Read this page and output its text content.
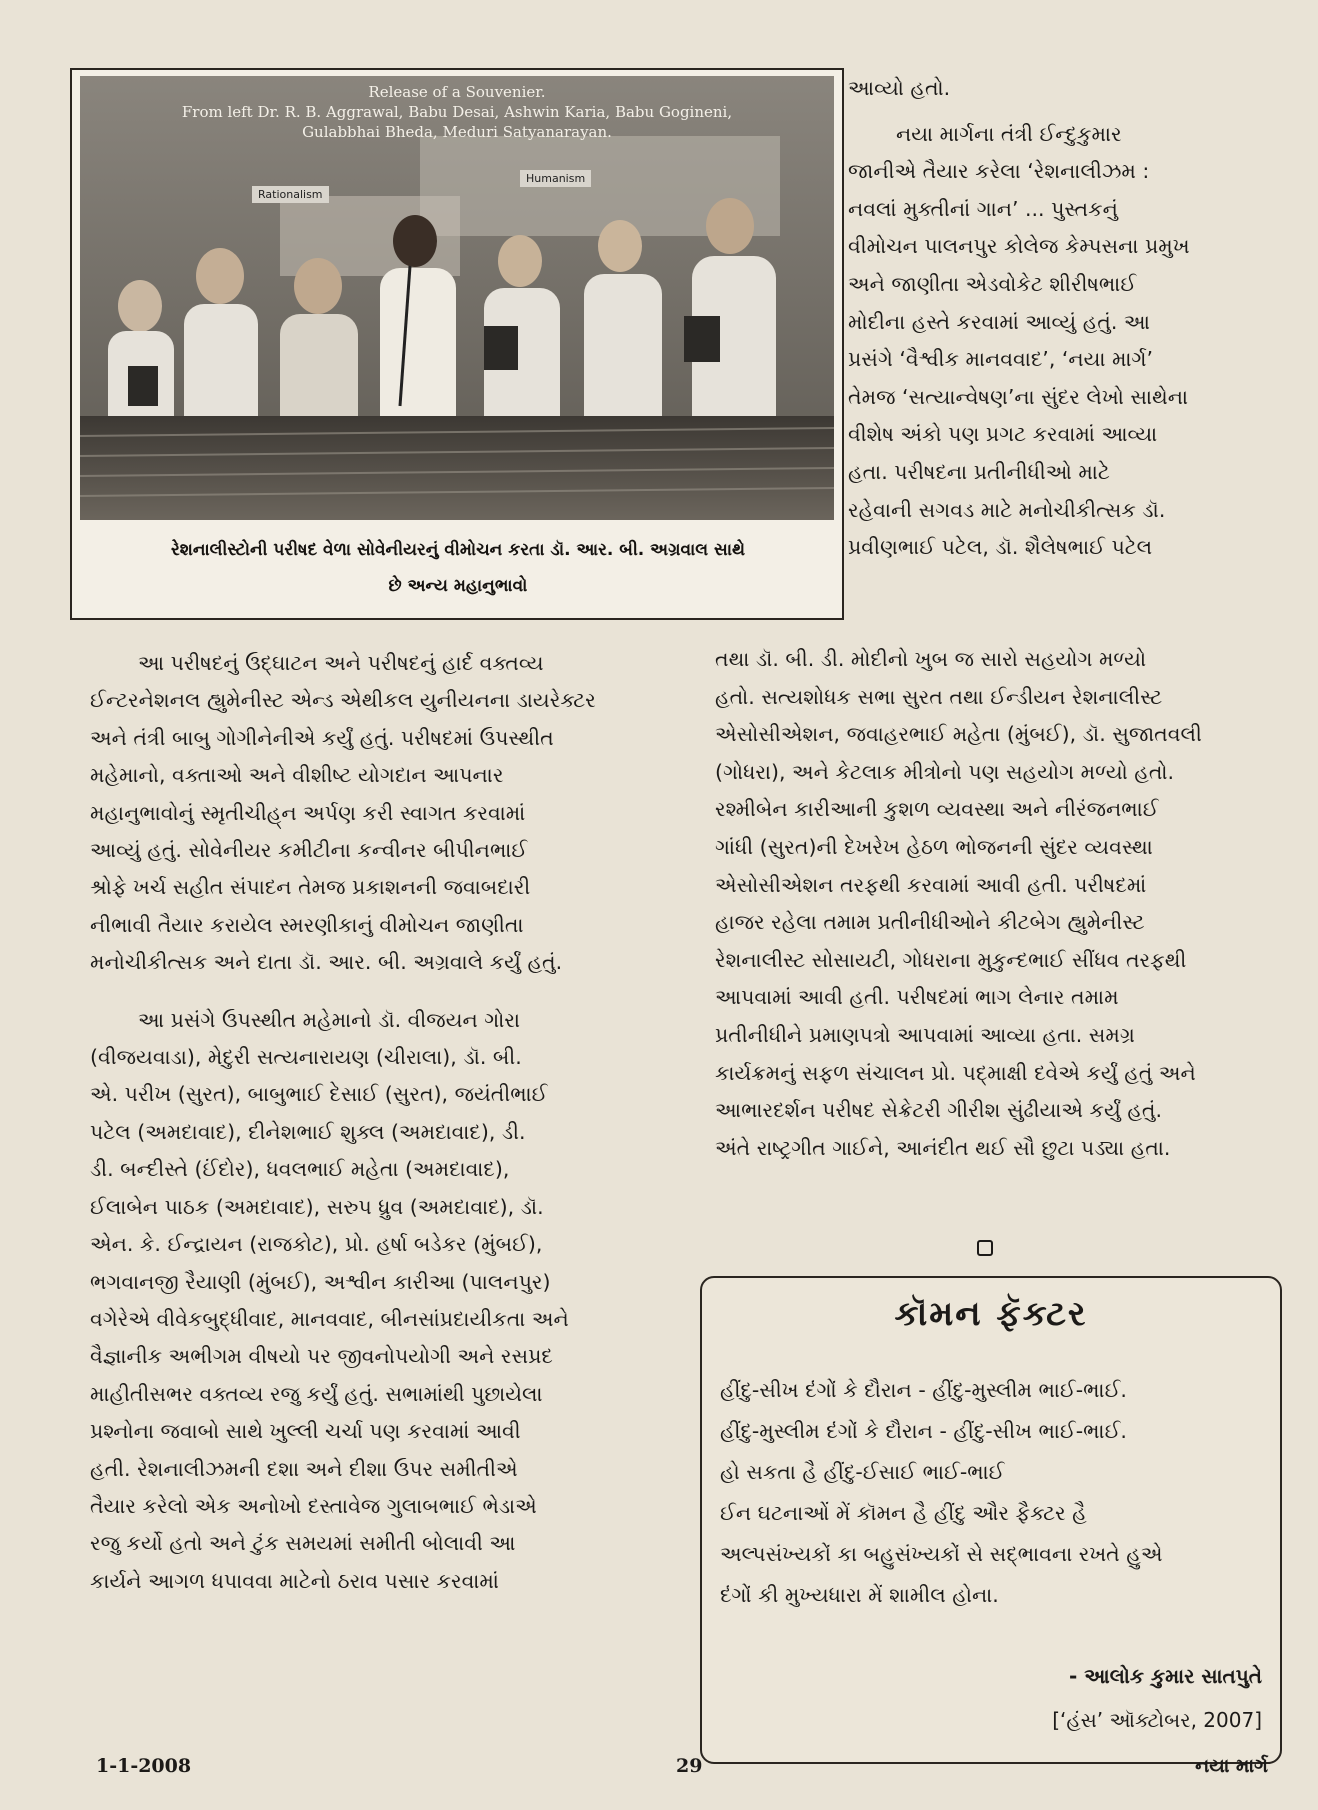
Rationalism
Humanism
Release of a Souvenier.
From left Dr. R. B. Aggrawal, Babu Desai, Ashwin Karia, Babu Gogineni,
Gulabbhai Bheda, Meduri Satyanarayan.
રેશનાલીસ્ટોની પરીષદ વેળા સોવેનીયરનું વીમોચન કરતા ડૉ. આર. બી. અગ્રવાલ સાથે
છે અન્ય મહાનુભાવો
આવ્યો હતો.
નયા માર્ગના તંત્રી ઈન્દુકુમાર
જાનીએ તૈયાર કરેલા ‘રેશનાલીઝમ :
નવલાં મુક્તીનાં ગાન’ ... પુસ્તકનું
વીમોચન પાલનપુર કોલેજ કેમ્પસના પ્રમુખ
અને જાણીતા એડવોકેટ શીરીષભાઈ
મોદીના હસ્તે કરવામાં આવ્યું હતું. આ
પ્રસંગે ‘વૈશ્વીક માનવવાદ’, ‘નયા માર્ગ’
તેમજ ‘સત્યાન્વેષણ’ના સુંદર લેખો સાથેના
વીશેષ અંકો પણ પ્રગટ કરવામાં આવ્યા
હતા. પરીષદના પ્રતીનીધીઓ માટે
રહેવાની સગવડ માટે મનોચીકીત્સક ડૉ.
પ્રવીણભાઈ પટેલ, ડૉ. શૈલેષભાઈ પટેલ
આ પરીષદનું ઉદ્‌ઘાટન અને પરીષદનું હાર્દ વક્તવ્ય
ઈન્ટરનેશનલ હ્યુમેનીસ્ટ એન્ડ એથીકલ યુનીયનના ડાયરેક્ટર
અને તંત્રી બાબુ ગોગીનેનીએ કર્યું હતું. પરીષદમાં ઉપસ્થીત
મહેમાનો, વક્તાઓ અને વીશીષ્ટ યોગદાન આપનાર
મહાનુભાવોનું સ્મૃતીચીહ્‌ન અર્પણ કરી સ્વાગત કરવામાં
આવ્યું હતું. સોવેનીયર કમીટીના કન્વીનર બીપીનભાઈ
શ્રોફે ખર્ચ સહીત સંપાદન તેમજ પ્રકાશનની જવાબદારી
નીભાવી તૈયાર કરાયેલ સ્મરણીકાનું વીમોચન જાણીતા
મનોચીકીત્સક અને દાતા ડૉ. આર. બી. અગ્રવાલે કર્યું હતું.
આ પ્રસંગે ઉપસ્થીત મહેમાનો ડૉ. વીજયન ગોરા
(વીજયવાડા), મેદુરી સત્યનારાયણ (ચીરાલા), ડૉ. બી.
એ. પરીખ (સુરત), બાબુભાઈ દેસાઈ (સુરત), જયંતીભાઈ
પટેલ (અમદાવાદ), દીનેશભાઈ શુક્લ (અમદાવાદ), ડી.
ડી. બન્દીસ્તે (ઈંદોર), ધવલભાઈ મહેતા (અમદાવાદ),
ઈલાબેન પાઠક (અમદાવાદ), સરુપ ધ્રુવ (અમદાવાદ), ડૉ.
એન. કે. ઈન્દ્રાયન (રાજકોટ), પ્રો. હર્ષા બડેકર (મુંબઈ),
ભગવાનજી રૈયાણી (મુંબઈ), અશ્વીન કારીઆ (પાલનપુર)
વગેરેએ વીવેકબુદ્ધીવાદ, માનવવાદ, બીનસાંપ્રદાયીકતા અને
વૈજ્ઞાનીક અભીગમ વીષયો પર જીવનોપયોગી અને રસપ્રદ
માહીતીસભર વક્તવ્ય રજુ કર્યું હતું. સભામાંથી પુછાયેલા
પ્રશ્નોના જવાબો સાથે ખુલ્લી ચર્ચા પણ કરવામાં આવી
હતી. રેશનાલીઝમની દશા અને દીશા ઉપર સમીતીએ
તૈયાર કરેલો એક અનોખો દસ્તાવેજ ગુલાબભાઈ ભેડાએ
રજુ કર્યો હતો અને ટુંક સમયમાં સમીતી બોલાવી આ
કાર્યને આગળ ધપાવવા માટેનો ઠરાવ પસાર કરવામાં
તથા ડૉ. બી. ડી. મોદીનો ખુબ જ સારો સહયોગ મળ્યો
હતો. સત્યશોધક સભા સુરત તથા ઈન્ડીયન રેશનાલીસ્ટ
એસોસીએશન, જવાહરભાઈ મહેતા (મુંબઈ), ડૉ. સુજાતવલી
(ગોધરા), અને કેટલાક મીત્રોનો પણ સહયોગ મળ્યો હતો.
રશ્મીબેન કારીઆની કુશળ વ્યવસ્થા અને નીરંજનભાઈ
ગાંધી (સુરત)ની દેખરેખ હેઠળ ભોજનની સુંદર વ્યવસ્થા
એસોસીએશન તરફથી કરવામાં આવી હતી. પરીષદમાં
હાજર રહેલા તમામ પ્રતીનીધીઓને કીટબેગ હ્યુમેનીસ્ટ
રેશનાલીસ્ટ સોસાયટી, ગોધરાના મુકુન્દભાઈ સીંધવ તરફથી
આપવામાં આવી હતી. પરીષદમાં ભાગ લેનાર તમામ
પ્રતીનીધીને પ્રમાણપત્રો આપવામાં આવ્યા હતા. સમગ્ર
કાર્યક્રમનું સફળ સંચાલન પ્રો. પદ્‌માક્ષી દવેએ કર્યું હતું અને
આભારદર્શન પરીષદ સેક્રેટરી ગીરીશ સુંઢીયાએ કર્યું હતું.
અંતે રાષ્ટ્રગીત ગાઈને, આનંદીત થઈ સૌ છુટા પડ્યા હતા.
કૉમન ફૅક્ટર
હીંદુ-સીખ દંગોં કે દૌરાન - હીંદુ-મુસ્લીમ ભાઈ-ભાઈ.
હીંદુ-મુસ્લીમ દંગોં કે દૌરાન - હીંદુ-સીખ ભાઈ-ભાઈ.
હો સકતા હૈ હીંદુ-ઈસાઈ ભાઈ-ભાઈ
ઈન ઘટનાઓં મેં કૉમન હૈ હીંદુ ઔર ફૈક્ટર હૈ
અલ્પસંખ્યકોં કા બહુસંખ્યકોં સે સદ્‌ભાવના રખતે હુએ
દંગોં કી મુખ્યધારા મેં શામીલ હોના.
- આલોક કુમાર સાતપુતે
[‘હંસ’ ઑક્ટોબર, 2007]
1-1-2008	29	નયા માર્ગ
